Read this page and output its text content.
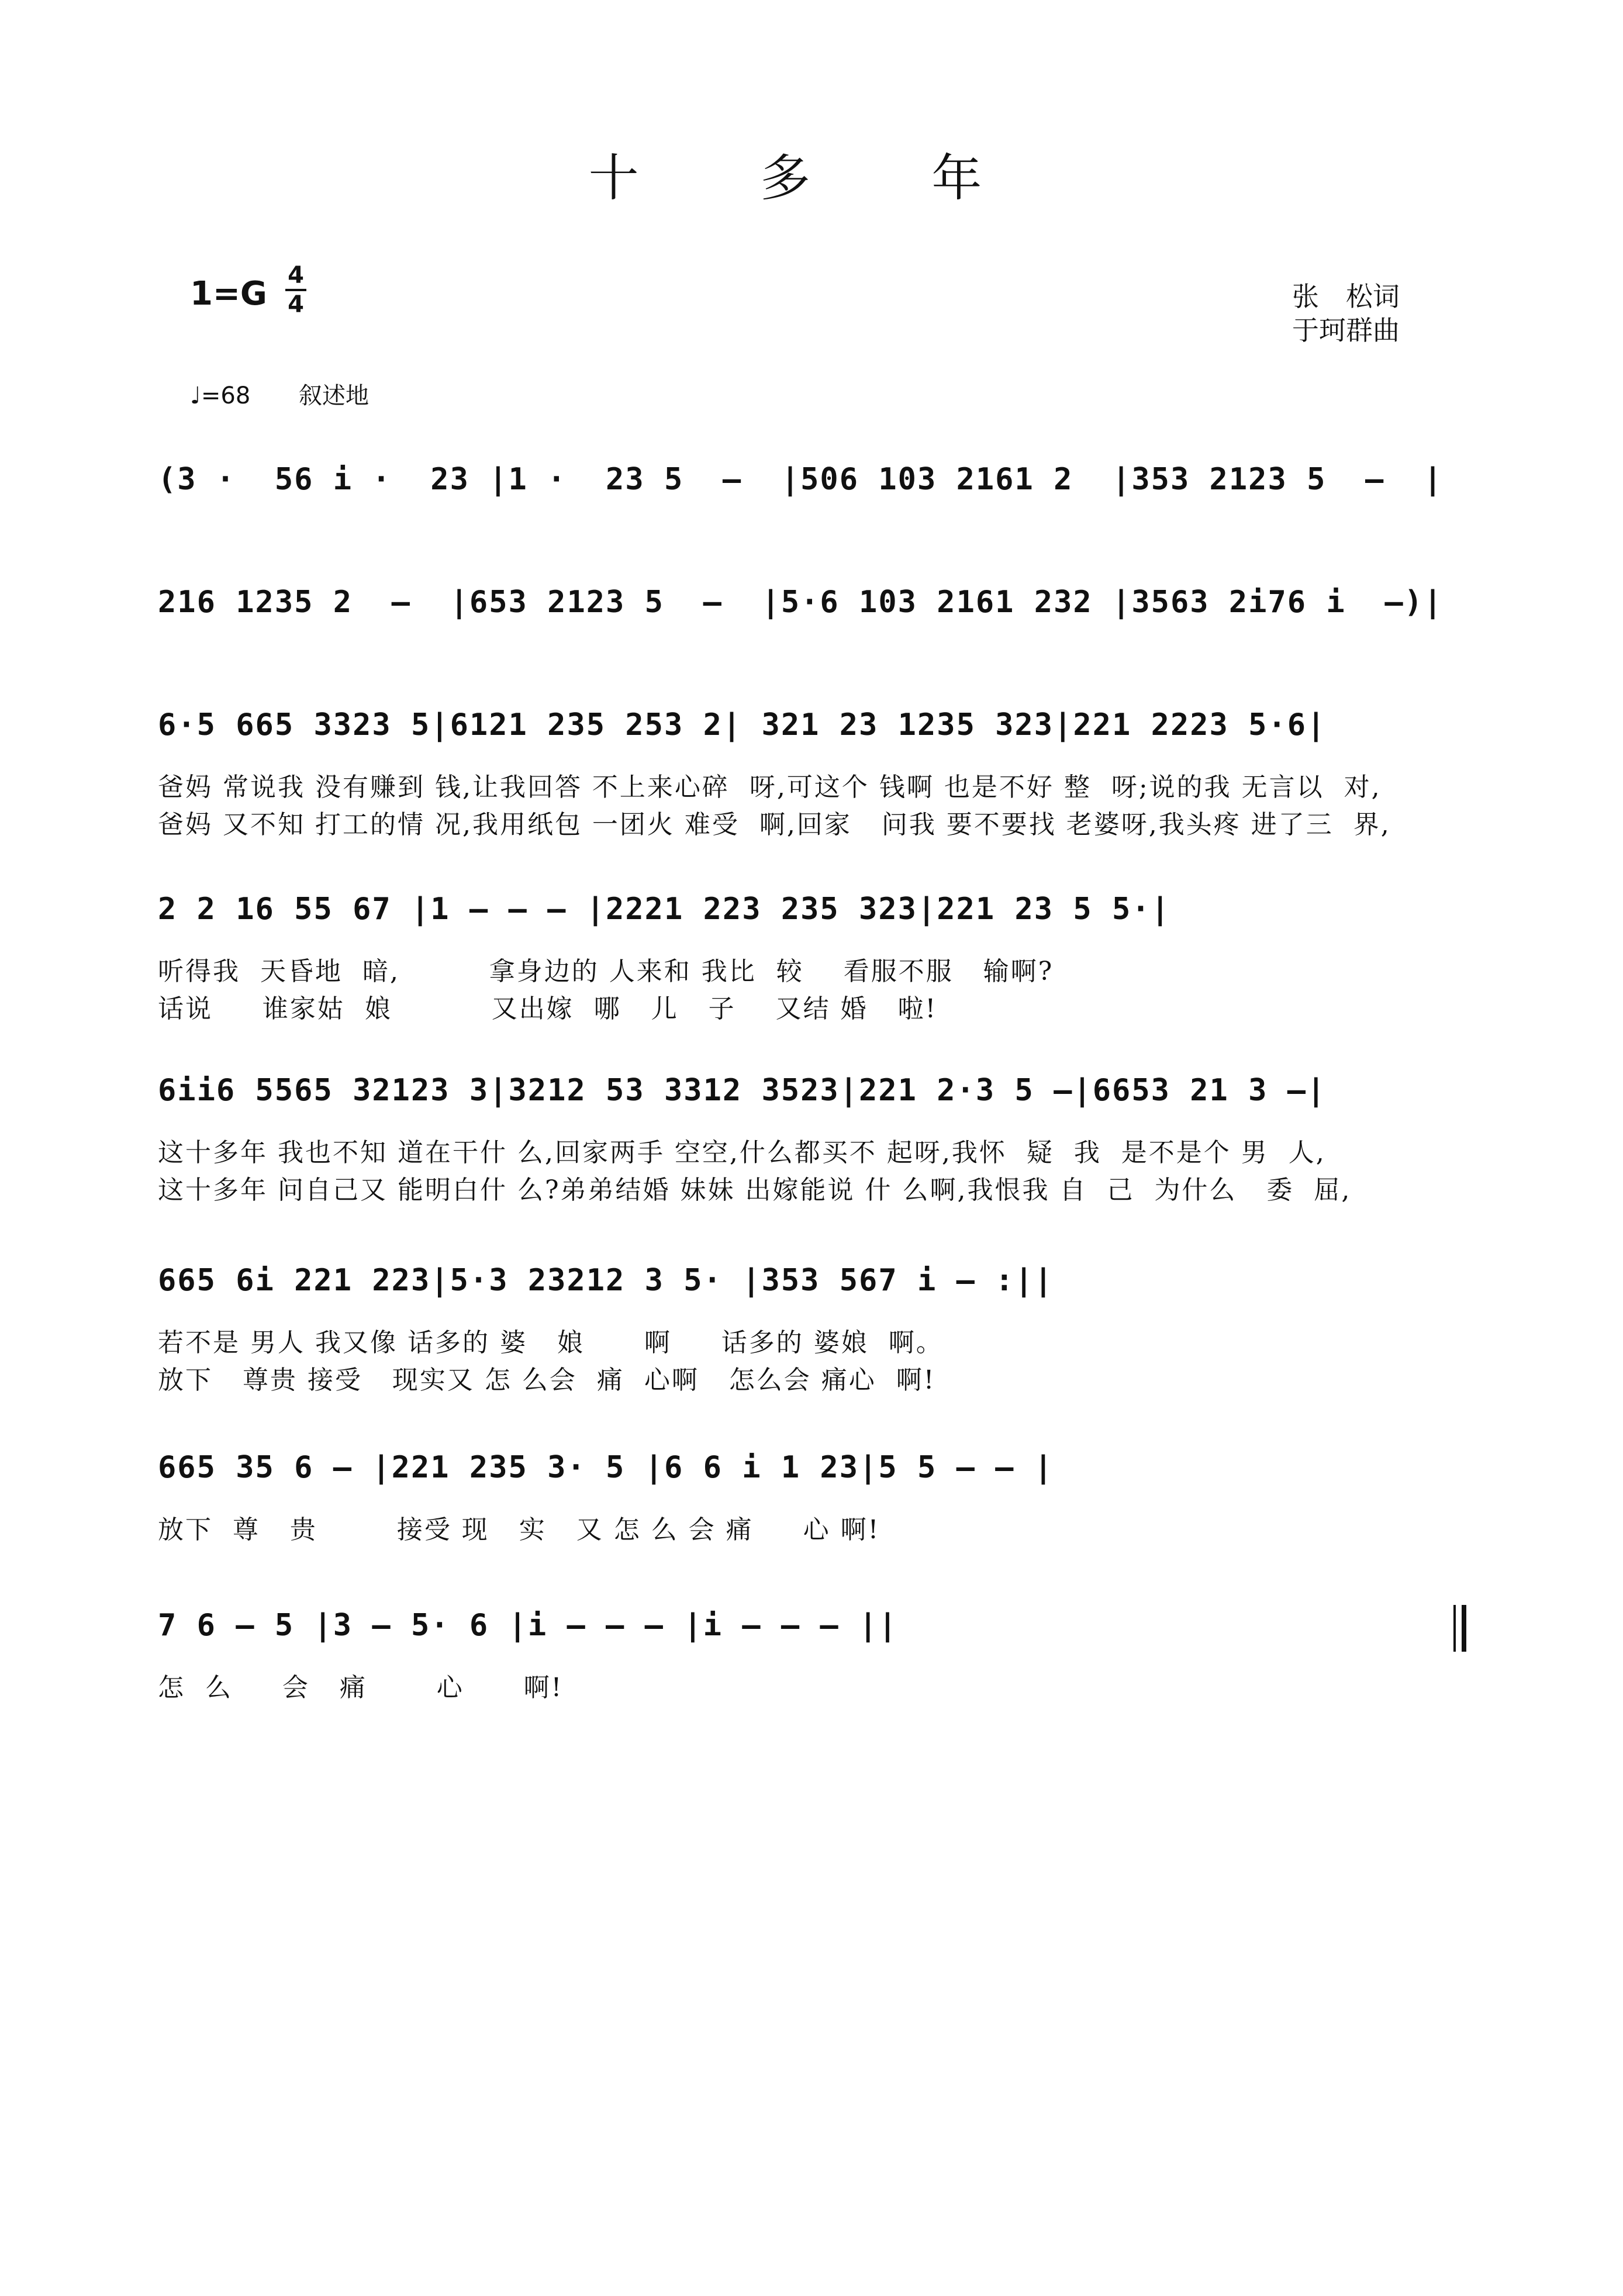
十 多 年
1=G 4
4	张　松词
于珂群曲
♩=68 叙述地
(3 ·  56 i ·  23 |1 ·  23 5  –  |506 103 2161 2  |353 2123 5  –  |
216 1235 2  –  |653 2123 5  –  |5·6 103 2161 232 |3563 2i76 i  –)|
6·5 665 3323 5|6121 235 253 2| 321 23 1235 323|221 2223 5·6|
爸妈 常说我 没有赚到 钱,让我回答 不上来心碎  呀,可这个 钱啊 也是不好 整  呀;说的我 无言以  对,
爸妈 又不知 打工的情 况,我用纸包 一团火 难受  啊,回家   问我 要不要找 老婆呀,我头疼 进了三  界,
2 2 16 55 67 |1 – – – |2221 223 235 323|221 23 5 5·|
听得我  天昏地  暗,         拿身边的 人来和 我比  较    看服不服   输啊?
话说     谁家姑  娘          又出嫁  哪   儿   子    又结 婚   啦!
6ii6 5565 32123 3|3212 53 3312 3523|221 2·3 5 –|6653 21 3 –|
这十多年 我也不知 道在干什 么,回家两手 空空,什么都买不 起呀,我怀  疑  我  是不是个 男  人,
这十多年 问自己又 能明白什 么?弟弟结婚 妹妹 出嫁能说 什 么啊,我恨我 自  己  为什么   委  屈,
665 6i 221 223|5·3 23212 3 5· |353 567 i – :||
若不是 男人 我又像 话多的 婆   娘      啊     话多的 婆娘  啊。
放下   尊贵 接受   现实又 怎 么会  痛  心啊   怎么会 痛心  啊!
665 35 6 – |221 235 3· 5 |6 6 i 1 23|5 5 – – |
放下  尊   贵        接受 现   实   又 怎 么 会 痛     心 啊!
7 6 – 5 |3 – 5· 6 |i – – – |i – – – ||
怎  么     会   痛       心      啊!
